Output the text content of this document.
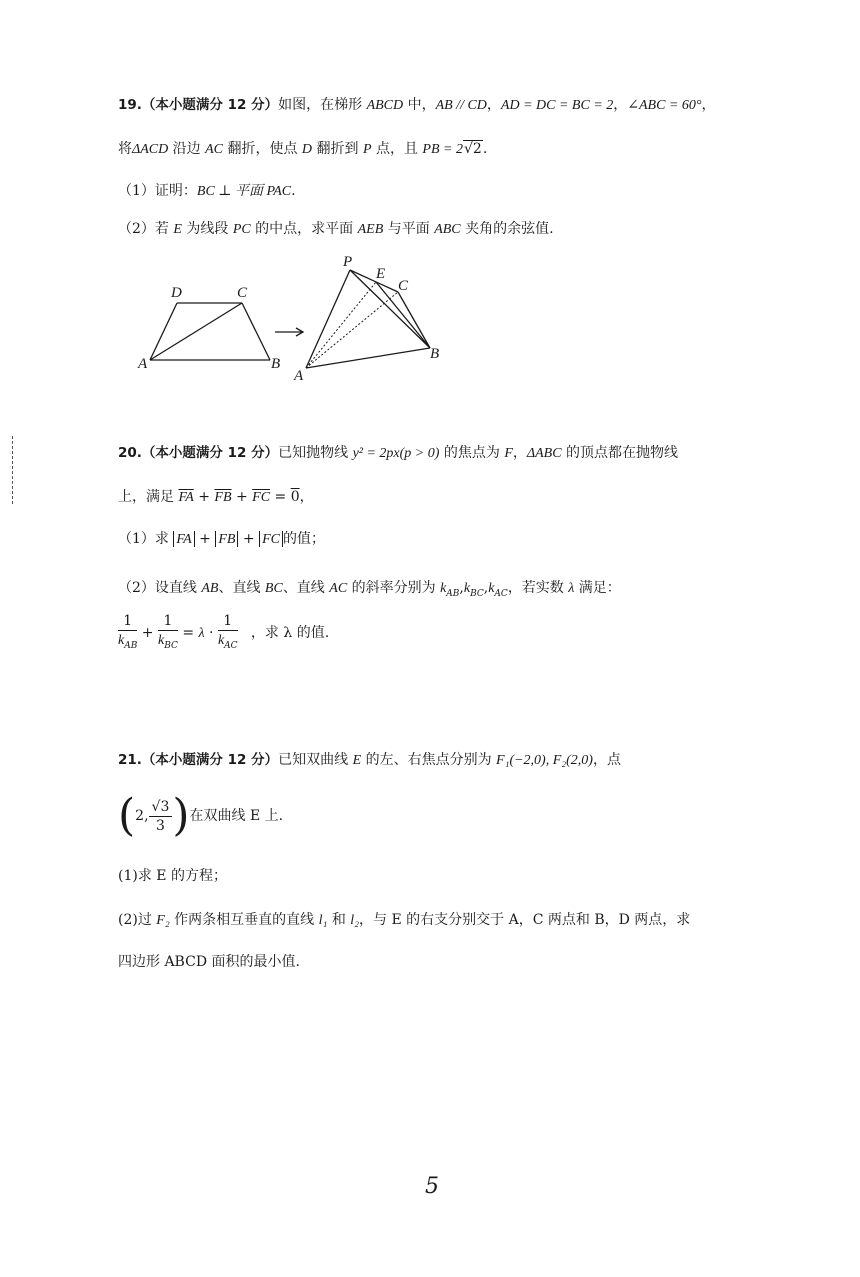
19.（本小题满分 12 分）如图，在梯形 ABCD 中，AB // CD，AD = DC = BC = 2，∠ABC = 60°，
将ΔACD 沿边 AC 翻折，使点 D 翻折到 P 点，且 PB = 2√2.
（1）证明：BC ⊥ 平面 PAC.
（2）若 E 为线段 PC 的中点，求平面 AEB 与平面 ABC 夹角的余弦值.
D	C
A	B
P
E
C
B
A
20.（本小题满分 12 分）已知抛物线 y² = 2px(p > 0) 的焦点为 F，ΔABC 的顶点都在抛物线
上，满足 $\overline{FA} + \overline{FB} + \overline{FC} = 0$，
（1）求 FA + FB + FC 的值；
（2）设直线 AB、直线 BC、直线 AC 的斜率分别为 $k_{AB},k_{BC},k_{AC}$，若实数 λ 满足：
$\frac{1}{k_{AB}} + \frac{1}{k_{BC}} = \lambda \cdot \frac{1}{k_{AC}}$ ，求 λ 的值.
21.（本小题满分 12 分）已知双曲线 E 的左、右焦点分别为 F₁(−2,0), F₂(2,0)，点
(2, $\frac{√3}{3}$ )在双曲线 E 上.
(1)求 E 的方程；
(2)过 F₂ 作两条相互垂直的直线 l₁ 和 l₂，与 E 的右支分别交于 A，C 两点和 B，D 两点，求
四边形 ABCD 面积的最小值.
5
